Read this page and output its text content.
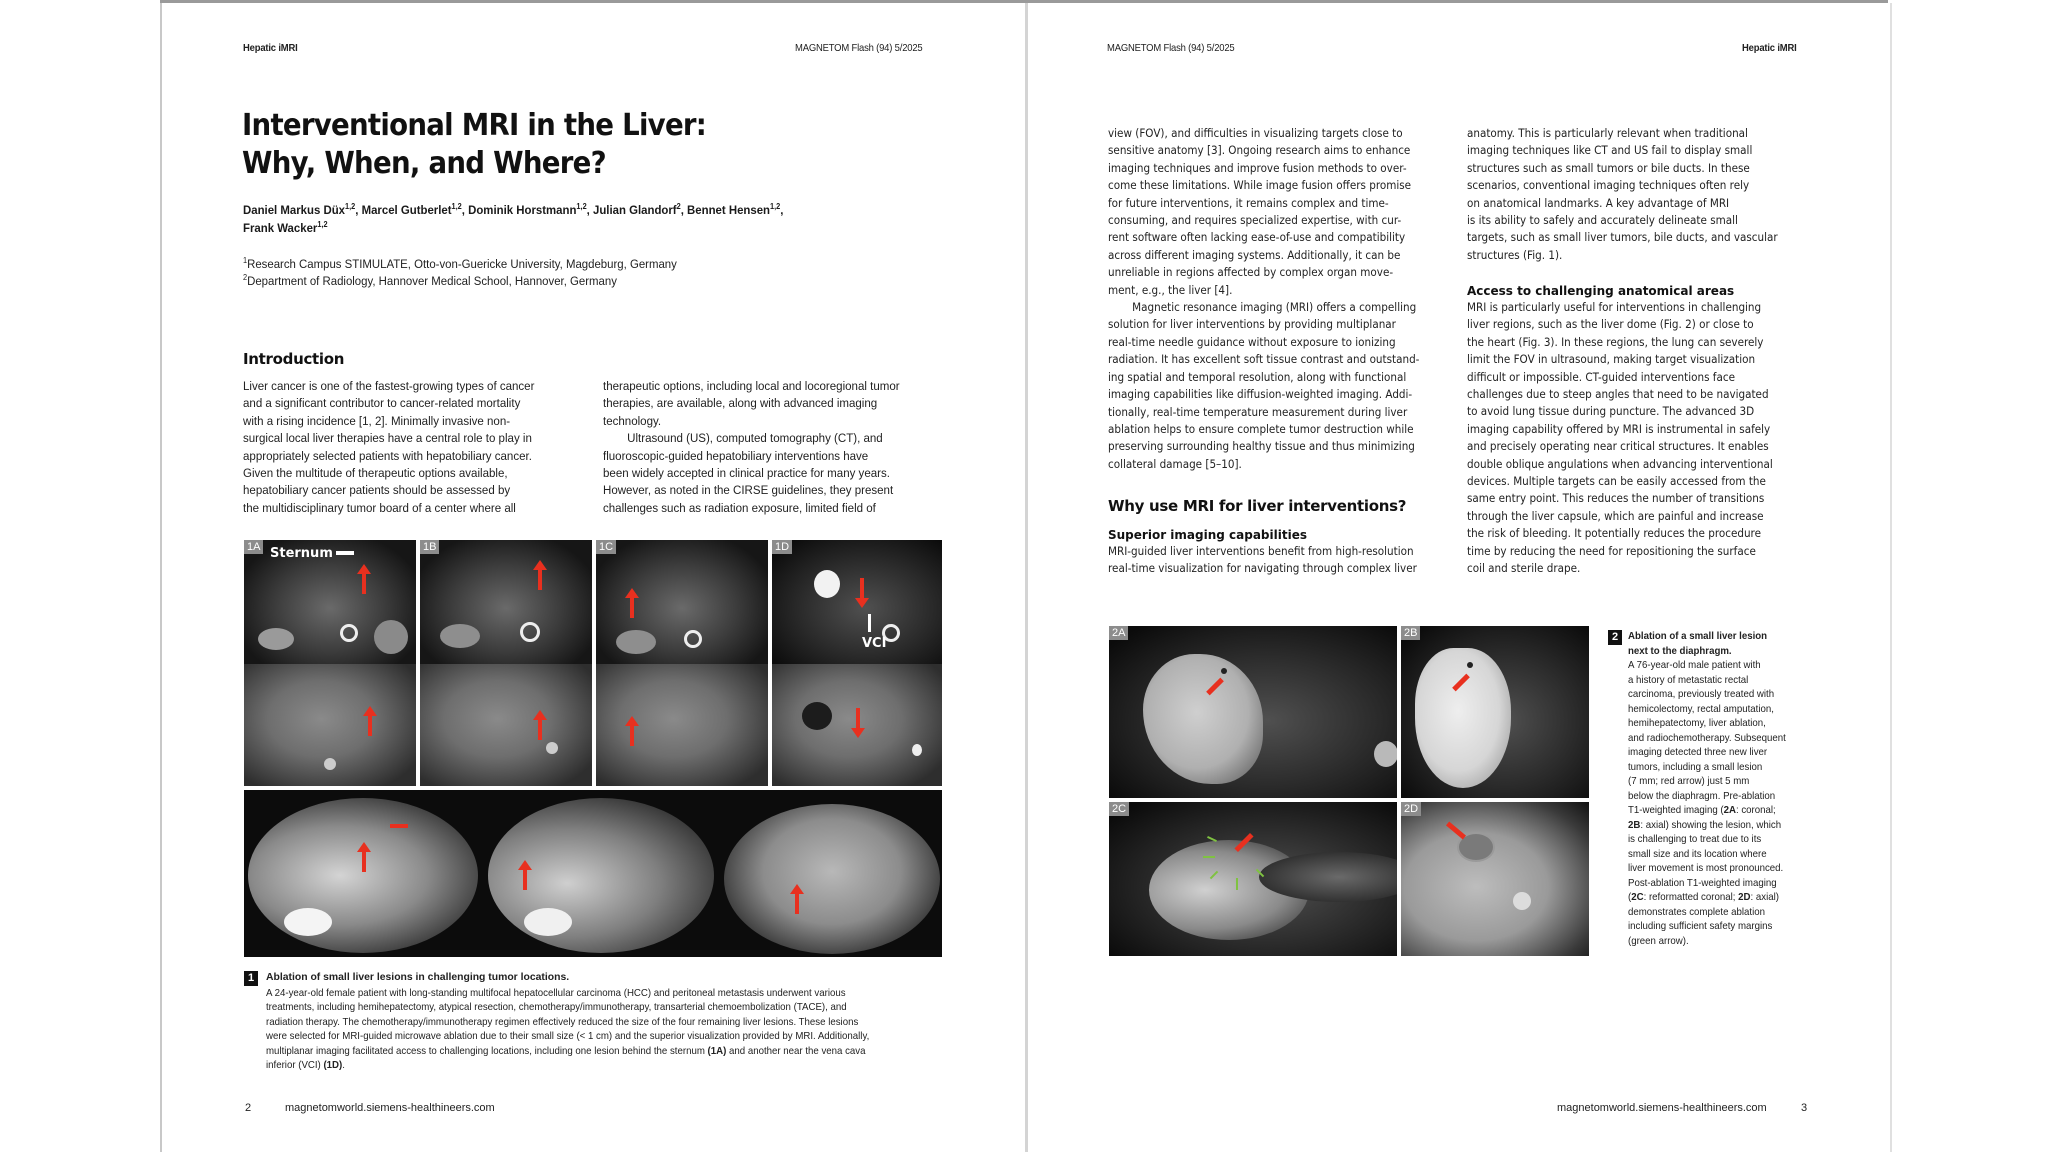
Hepatic iMRI	MAGNETOM Flash (94) 5/2025
Interventional MRI in the Liver:
Why, When, and Where?
Daniel Markus Düx$^{1,2}$, Marcel Gutberlet$^{1,2}$, Dominik Horstmann$^{1,2}$, Julian Glandorf$^2$, Bennet Hensen$^{1,2}$,
Frank Wacker$^{1,2}$
$^1$Research Campus STIMULATE, Otto-von-Guericke University, Magdeburg, Germany
$^2$Department of Radiology, Hannover Medical School, Hannover, Germany
Introduction
Liver cancer is one of the fastest-growing types of cancer
and a significant contributor to cancer-related mortality
with a rising incidence [1, 2]. Minimally invasive non-
surgical local liver therapies have a central role to play in
appropriately selected patients with hepatobiliary cancer.
Given the multitude of therapeutic options available,
hepatobiliary cancer patients should be assessed by
the multidisciplinary tumor board of a center where all
therapeutic options, including local and locoregional tumor
therapies, are available, along with advanced imaging
technology.
Ultrasound (US), computed tomography (CT), and
fluoroscopic-guided hepatobiliary interventions have
been widely accepted in clinical practice for many years.
However, as noted in the CIRSE guidelines, they present
challenges such as radiation exposure, limited field of
Sternum
1A	1B	1C
VCI
1D
1 Ablation of small liver lesions in challenging tumor locations.
A 24-year-old female patient with long-standing multifocal hepatocellular carcinoma (HCC) and peritoneal metastasis underwent various
treatments, including hemihepatectomy, atypical resection, chemotherapy/immunotherapy, transarterial chemoembolization (TACE), and
radiation therapy. The chemotherapy/immunotherapy regimen effectively reduced the size of the four remaining liver lesions. These lesions
were selected for MRI-guided microwave ablation due to their small size (< 1 cm) and the superior visualization provided by MRI. Additionally,
multiplanar imaging facilitated access to challenging locations, including one lesion behind the sternum (1A) and another near the vena cava
inferior (VCI) (1D).
2	magnetomworld.siemens-healthineers.com
MAGNETOM Flash (94) 5/2025	Hepatic iMRI
view (FOV), and difficulties in visualizing targets close to
sensitive anatomy [3]. Ongoing research aims to enhance
imaging techniques and improve fusion methods to over-
come these limitations. While image fusion offers promise
for future interventions, it remains complex and time-
consuming, and requires specialized expertise, with cur-
rent software often lacking ease-of-use and compatibility
across different imaging systems. Additionally, it can be
unreliable in regions affected by complex organ move-
ment, e.g., the liver [4].
Magnetic resonance imaging (MRI) offers a compelling
solution for liver interventions by providing multiplanar
real-time needle guidance without exposure to ionizing
radiation. It has excellent soft tissue contrast and outstand-
ing spatial and temporal resolution, along with functional
imaging capabilities like diffusion-weighted imaging. Addi-
tionally, real-time temperature measurement during liver
ablation helps to ensure complete tumor destruction while
preserving surrounding healthy tissue and thus minimizing
collateral damage [5–10].
Why use MRI for liver interventions?
Superior imaging capabilities
MRI-guided liver interventions benefit from high-resolution
real-time visualization for navigating through complex liver
anatomy. This is particularly relevant when traditional
imaging techniques like CT and US fail to display small
structures such as small tumors or bile ducts. In these
scenarios, conventional imaging techniques often rely
on anatomical landmarks. A key advantage of MRI
is its ability to safely and accurately delineate small
targets, such as small liver tumors, bile ducts, and vascular
structures (Fig. 1).
Access to challenging anatomical areas
MRI is particularly useful for interventions in challenging
liver regions, such as the liver dome (Fig. 2) or close to
the heart (Fig. 3). In these regions, the lung can severely
limit the FOV in ultrasound, making target visualization
difficult or impossible. CT-guided interventions face
challenges due to steep angles that need to be navigated
to avoid lung tissue during puncture. The advanced 3D
imaging capability offered by MRI is instrumental in safely
and precisely operating near critical structures. It enables
double oblique angulations when advancing interventional
devices. Multiple targets can be easily accessed from the
same entry point. This reduces the number of transitions
through the liver capsule, which are painful and increase
the risk of bleeding. It potentially reduces the procedure
time by reducing the need for repositioning the surface
coil and sterile drape.
2A	2B
2C	2D
2 Ablation of a small liver lesion
next to the diaphragm.
A 76-year-old male patient with
a history of metastatic rectal
carcinoma, previously treated with
hemicolectomy, rectal amputation,
hemihepatectomy, liver ablation,
and radiochemotherapy. Subsequent
imaging detected three new liver
tumors, including a small lesion
(7 mm; red arrow) just 5 mm
below the diaphragm. Pre-ablation
T1-weighted imaging (2A: coronal;
2B: axial) showing the lesion, which
is challenging to treat due to its
small size and its location where
liver movement is most pronounced.
Post-ablation T1-weighted imaging
(2C: reformatted coronal; 2D: axial)
demonstrates complete ablation
including sufficient safety margins
(green arrow).
magnetomworld.siemens-healthineers.com	3
